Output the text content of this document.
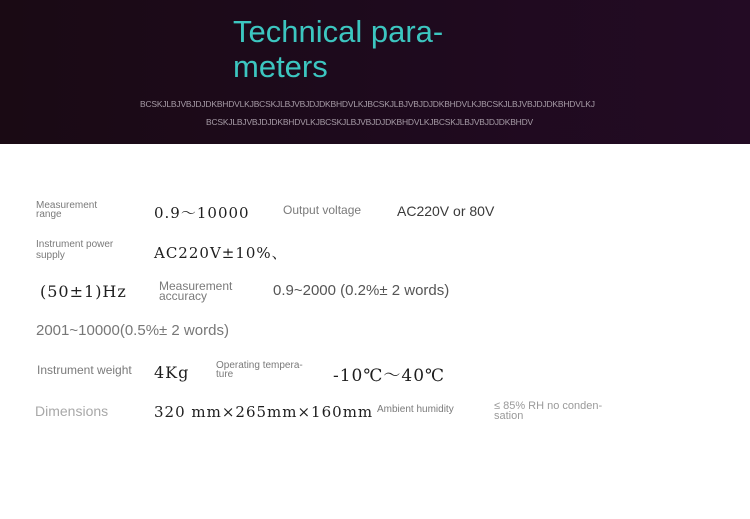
Technical para-
meters
BCSKJLBJVBJDJDKBHDVLKJBCSKJLBJVBJDJDKBHDVLKJBCSKJLBJVBJDJDKBHDVLKJBCSKJLBJVBJDJDKBHDVLKJ
BCSKJLBJVBJDJDKBHDVLKJBCSKJLBJVBJDJDKBHDVLKJBCSKJLBJVBJDJDKBHDV
Measurement
range	0.9～10000	Output voltage	AC220V or 80V
Instrument power
supply	AC220V±10%、
(50±1)Hz	Measurement
accuracy	0.9~2000 (0.2%± 2 words)
2001~10000(0.5%± 2 words)
Instrument weight 4Kg	Operating tempera-
ture	-10℃～40℃
Dimensions	320 mm×265mm×160mm Ambient humidity	≤ 85% RH no conden-
sation
